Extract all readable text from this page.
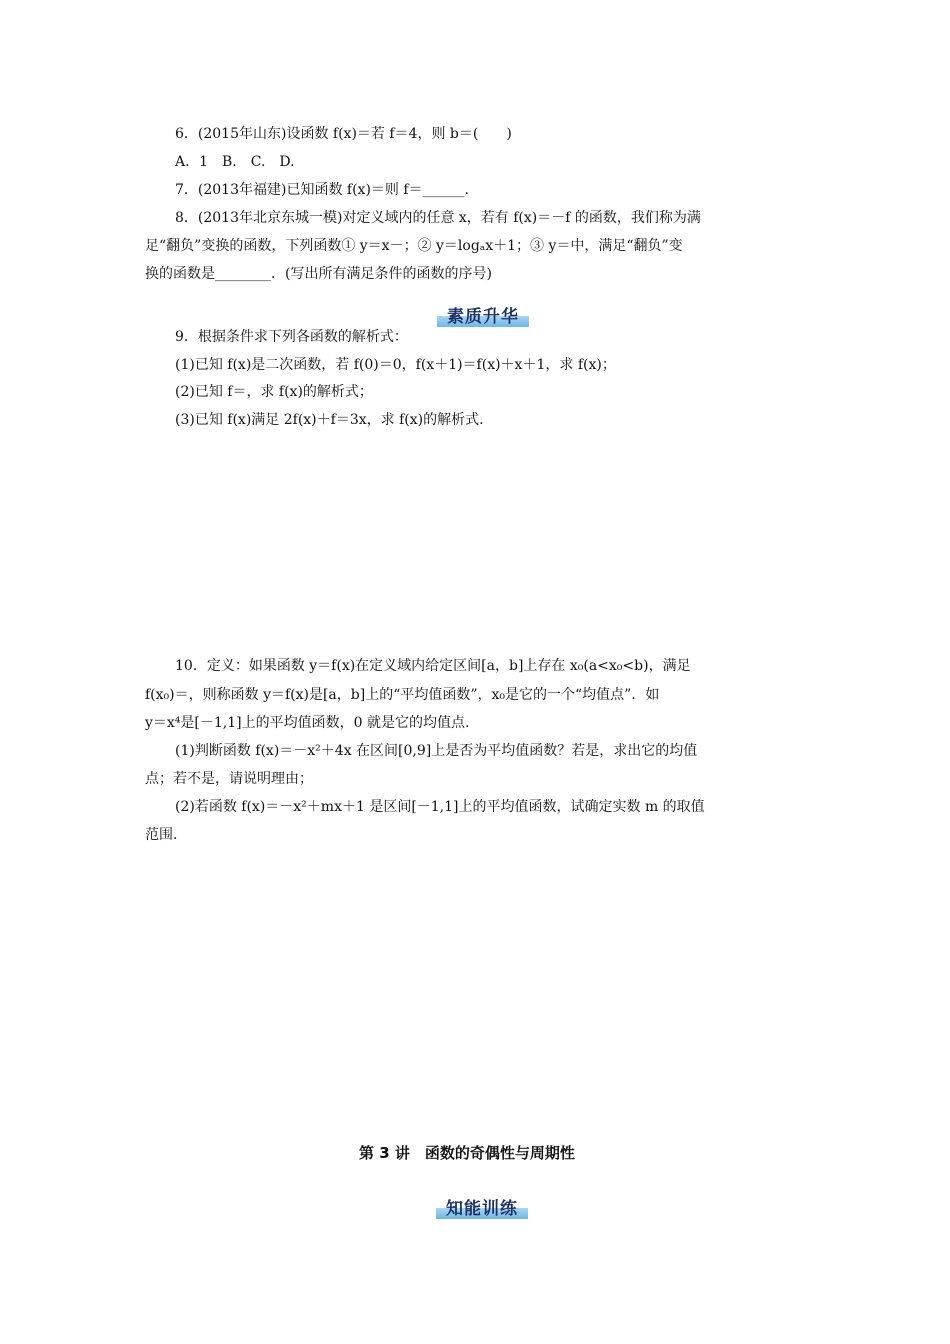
6．(2015年山东)设函数 f(x)＝若 f＝4，则 b＝(　　)
A．1　B.　C.　D.
7．(2013年福建)已知函数 f(x)＝则 f＝______.
8．(2013年北京东城一模)对定义域内的任意 x，若有 f(x)＝－f 的函数，我们称为满
足“翻负”变换的函数，下列函数① y＝x－；② y＝logₐx＋1；③ y＝中，满足“翻负”变
换的函数是________．(写出所有满足条件的函数的序号)
素质升华
9．根据条件求下列各函数的解析式：
(1)已知 f(x)是二次函数，若 f(0)＝0，f(x＋1)＝f(x)＋x＋1，求 f(x)；
(2)已知 f＝，求 f(x)的解析式；
(3)已知 f(x)满足 2f(x)＋f＝3x，求 f(x)的解析式.
10．定义：如果函数 y＝f(x)在定义域内给定区间[a，b]上存在 x₀(a<x₀<b)，满足
f(x₀)＝，则称函数 y＝f(x)是[a，b]上的“平均值函数”，x₀是它的一个“均值点”．如
y＝x⁴是[－1,1]上的平均值函数，0 就是它的均值点.
(1)判断函数 f(x)＝－x²＋4x 在区间[0,9]上是否为平均值函数？若是，求出它的均值
点；若不是，请说明理由；
(2)若函数 f(x)＝－x²＋mx＋1 是区间[－1,1]上的平均值函数，试确定实数 m 的取值
范围.
第 3 讲　函数的奇偶性与周期性
知能训练
